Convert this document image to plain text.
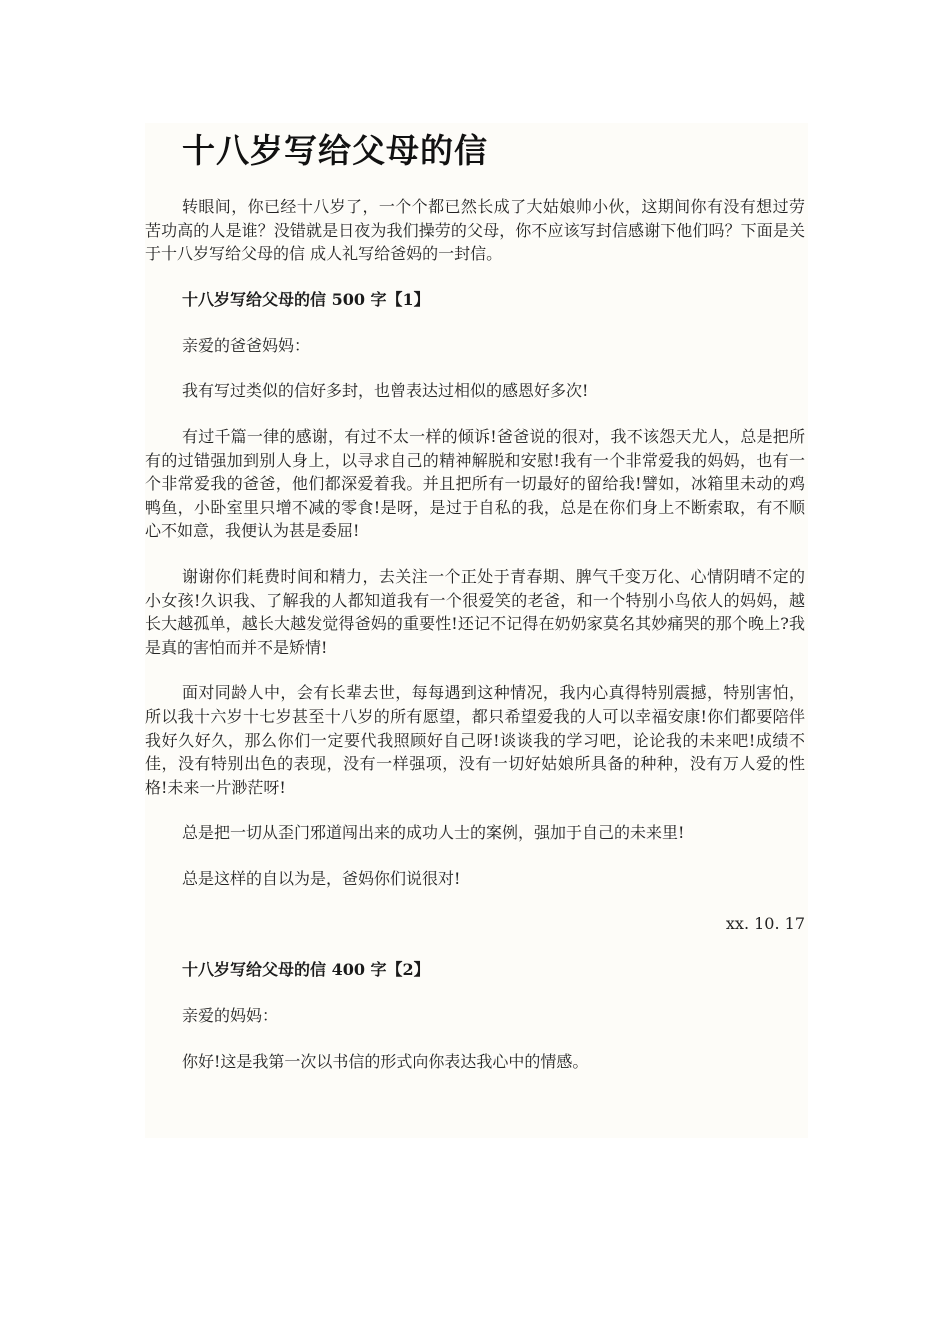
十八岁写给父母的信

转眼间，你已经十八岁了，一个个都已然长成了大姑娘帅小伙，这期间你有没有想过劳苦功高的人是谁？没错就是日夜为我们操劳的父母，你不应该写封信感谢下他们吗？下面是关于十八岁写给父母的信 成人礼写给爸妈的一封信。

十八岁写给父母的信 500 字【1】

亲爱的爸爸妈妈：

我有写过类似的信好多封，也曾表达过相似的感恩好多次!

有过千篇一律的感谢，有过不太一样的倾诉!爸爸说的很对，我不该怨天尤人，总是把所有的过错强加到别人身上，以寻求自己的精神解脱和安慰!我有一个非常爱我的妈妈，也有一个非常爱我的爸爸，他们都深爱着我。并且把所有一切最好的留给我!譬如，冰箱里未动的鸡鸭鱼，小卧室里只增不减的零食!是呀，是过于自私的我，总是在你们身上不断索取，有不顺心不如意，我便认为甚是委屈!

谢谢你们耗费时间和精力，去关注一个正处于青春期、脾气千变万化、心情阴晴不定的小女孩!久识我、了解我的人都知道我有一个很爱笑的老爸，和一个特别小鸟依人的妈妈，越长大越孤单，越长大越发觉得爸妈的重要性!还记不记得在奶奶家莫名其妙痛哭的那个晚上?我是真的害怕而并不是矫情!

面对同龄人中，会有长辈去世，每每遇到这种情况，我内心真得特别震撼，特别害怕，所以我十六岁十七岁甚至十八岁的所有愿望，都只希望爱我的人可以幸福安康!你们都要陪伴我好久好久，那么你们一定要代我照顾好自己呀!谈谈我的学习吧，论论我的未来吧!成绩不佳，没有特别出色的表现，没有一样强项，没有一切好姑娘所具备的种种，没有万人爱的性格!未来一片渺茫呀!

总是把一切从歪门邪道闯出来的成功人士的案例，强加于自己的未来里!

总是这样的自以为是，爸妈你们说很对!

xx. 10. 17

十八岁写给父母的信 400 字【2】

亲爱的妈妈：

你好!这是我第一次以书信的形式向你表达我心中的情感。
